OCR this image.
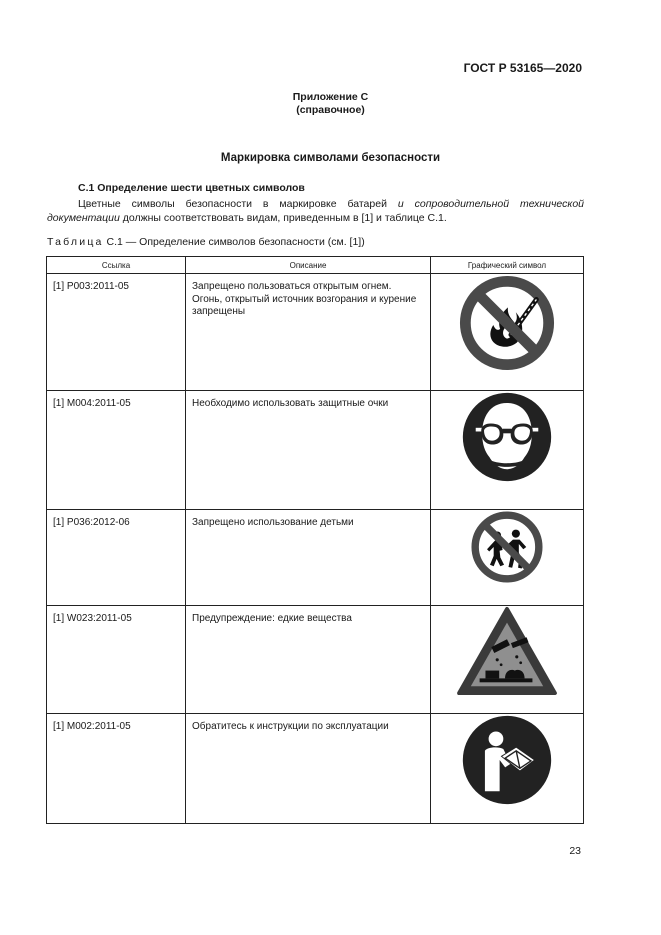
ГОСТ Р 53165—2020
Приложение С
(справочное)
Маркировка символами безопасности
С.1 Определение шести цветных символов
Цветные символы безопасности в маркировке батарей и сопроводительной технической документации должны соответствовать видам, приведенным в [1] и таблице С.1.
Таблица С.1 — Определение символов безопасности (см. [1])
Ссылка	Описание	Графический символ

[1] P003:2011-05	Запрещено пользоваться открытым огнем. Огонь, открытый источник возгорания и курение запрещены

[1] M004:2011-05	Необходимо использовать защитные очки

[1] P036:2012-06	Запрещено использование детьми

[1] W023:2011-05	Предупреждение: едкие вещества

[1] M002:2011-05	Обратитесь к инструкции по эксплуатации

23
